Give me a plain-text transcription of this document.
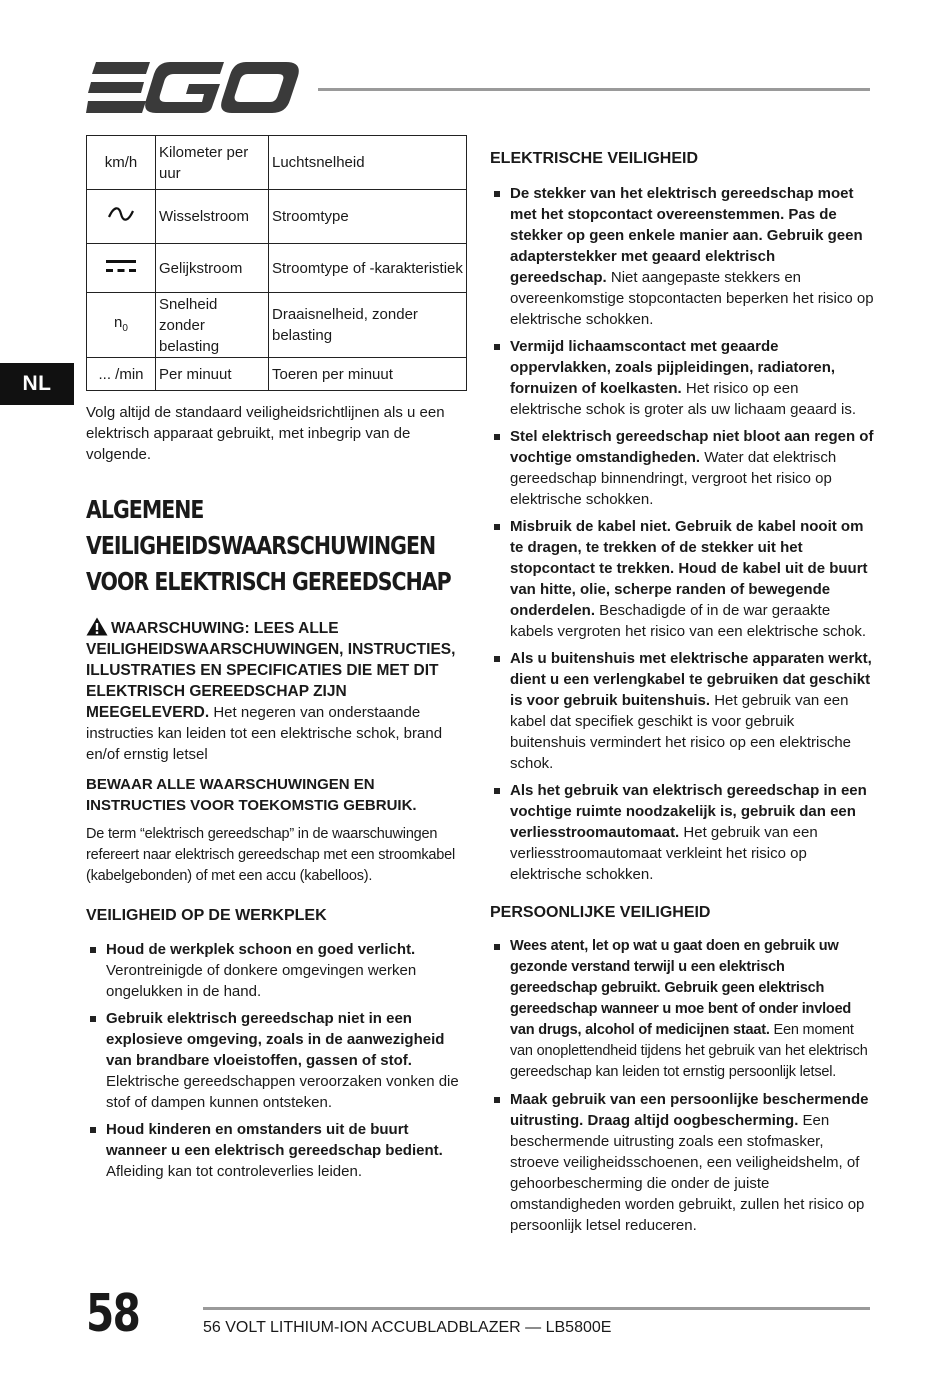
NL
km/h	Kilometer per uur	Luchtsnelheid
	Wisselstroom	Stroomtype
	Gelijkstroom	Stroomtype of -karakteristiek
$n_0$	Snelheid zonder belasting	Draaisnelheid, zonder belasting
... /min	Per minuut	Toeren per minuut

Volg altijd de standaard veiligheidsrichtlijnen als u een elektrisch apparaat gebruikt, met inbegrip van de volgende.

ALGEMENE VEILIGHEIDSWAARSCHUWINGEN VOOR ELEKTRISCH GEREEDSCHAP

WAARSCHUWING: LEES ALLE VEILIGHEIDSWAARSCHUWINGEN, INSTRUCTIES, ILLUSTRATIES EN SPECIFICATIES DIE MET DIT ELEKTRISCH GEREEDSCHAP ZIJN MEEGELEVERD. Het negeren van onderstaande instructies kan leiden tot een elektrische schok, brand en/of ernstig letsel

BEWAAR ALLE WAARSCHUWINGEN EN INSTRUCTIES VOOR TOEKOMSTIG GEBRUIK.

De term “elektrisch gereedschap” in de waarschuwingen refereert naar elektrisch gereedschap met een stroomkabel (kabelgebonden) of met een accu (kabelloos).

VEILIGHEID OP DE WERKPLEK
Houd de werkplek schoon en goed verlicht. Verontreinigde of donkere omgevingen werken ongelukken in de hand.
Gebruik elektrisch gereedschap niet in een explosieve omgeving, zoals in de aanwezigheid van brandbare vloeistoffen, gassen of stof. Elektrische gereedschappen veroorzaken vonken die stof of dampen kunnen ontsteken.
Houd kinderen en omstanders uit de buurt wanneer u een elektrisch gereedschap bedient. Afleiding kan tot controleverlies leiden.
ELEKTRISCHE VEILIGHEID
De stekker van het elektrisch gereedschap moet met het stopcontact overeenstemmen. Pas de stekker op geen enkele manier aan. Gebruik geen adapterstekker met geaard elektrisch gereedschap. Niet aangepaste stekkers en overeenkomstige stopcontacten beperken het risico op elektrische schokken.
Vermijd lichaamscontact met geaarde oppervlakken, zoals pijpleidingen, radiatoren, fornuizen of koelkasten. Het risico op een elektrische schok is groter als uw lichaam geaard is.
Stel elektrisch gereedschap niet bloot aan regen of vochtige omstandigheden. Water dat elektrisch gereedschap binnendringt, vergroot het risico op elektrische schokken.
Misbruik de kabel niet. Gebruik de kabel nooit om te dragen, te trekken of de stekker uit het stopcontact te trekken. Houd de kabel uit de buurt van hitte, olie, scherpe randen of bewegende onderdelen. Beschadigde of in de war geraakte kabels vergroten het risico van een elektrische schok.
Als u buitenshuis met elektrische apparaten werkt, dient u een verlengkabel te gebruiken dat geschikt is voor gebruik buitenshuis. Het gebruik van een kabel dat specifiek geschikt is voor gebruik buitenshuis vermindert het risico op een elektrische schok.
Als het gebruik van elektrisch gereedschap in een vochtige ruimte noodzakelijk is, gebruik dan een verliesstroomautomaat. Het gebruik van een verliesstroomautomaat verkleint het risico op elektrische schokken.
PERSOONLIJKE VEILIGHEID
Wees atent, let op wat u gaat doen en gebruik uw gezonde verstand terwijl u een elektrisch gereedschap gebruikt. Gebruik geen elektrisch gereedschap wanneer u moe bent of onder invloed van drugs, alcohol of medicijnen staat. Een moment van onoplettendheid tijdens het gebruik van het elektrisch gereedschap kan leiden tot ernstig persoonlijk letsel.
Maak gebruik van een persoonlijke beschermende uitrusting. Draag altijd oogbescherming. Een beschermende uitrusting zoals een stofmasker, stroeve veiligheidsschoenen, een veiligheidshelm, of gehoorbescherming die onder de juiste omstandigheden worden gebruikt, zullen het risico op persoonlijk letsel reduceren.
58	56 VOLT LITHIUM-ION ACCUBLADBLAZER — LB5800E
